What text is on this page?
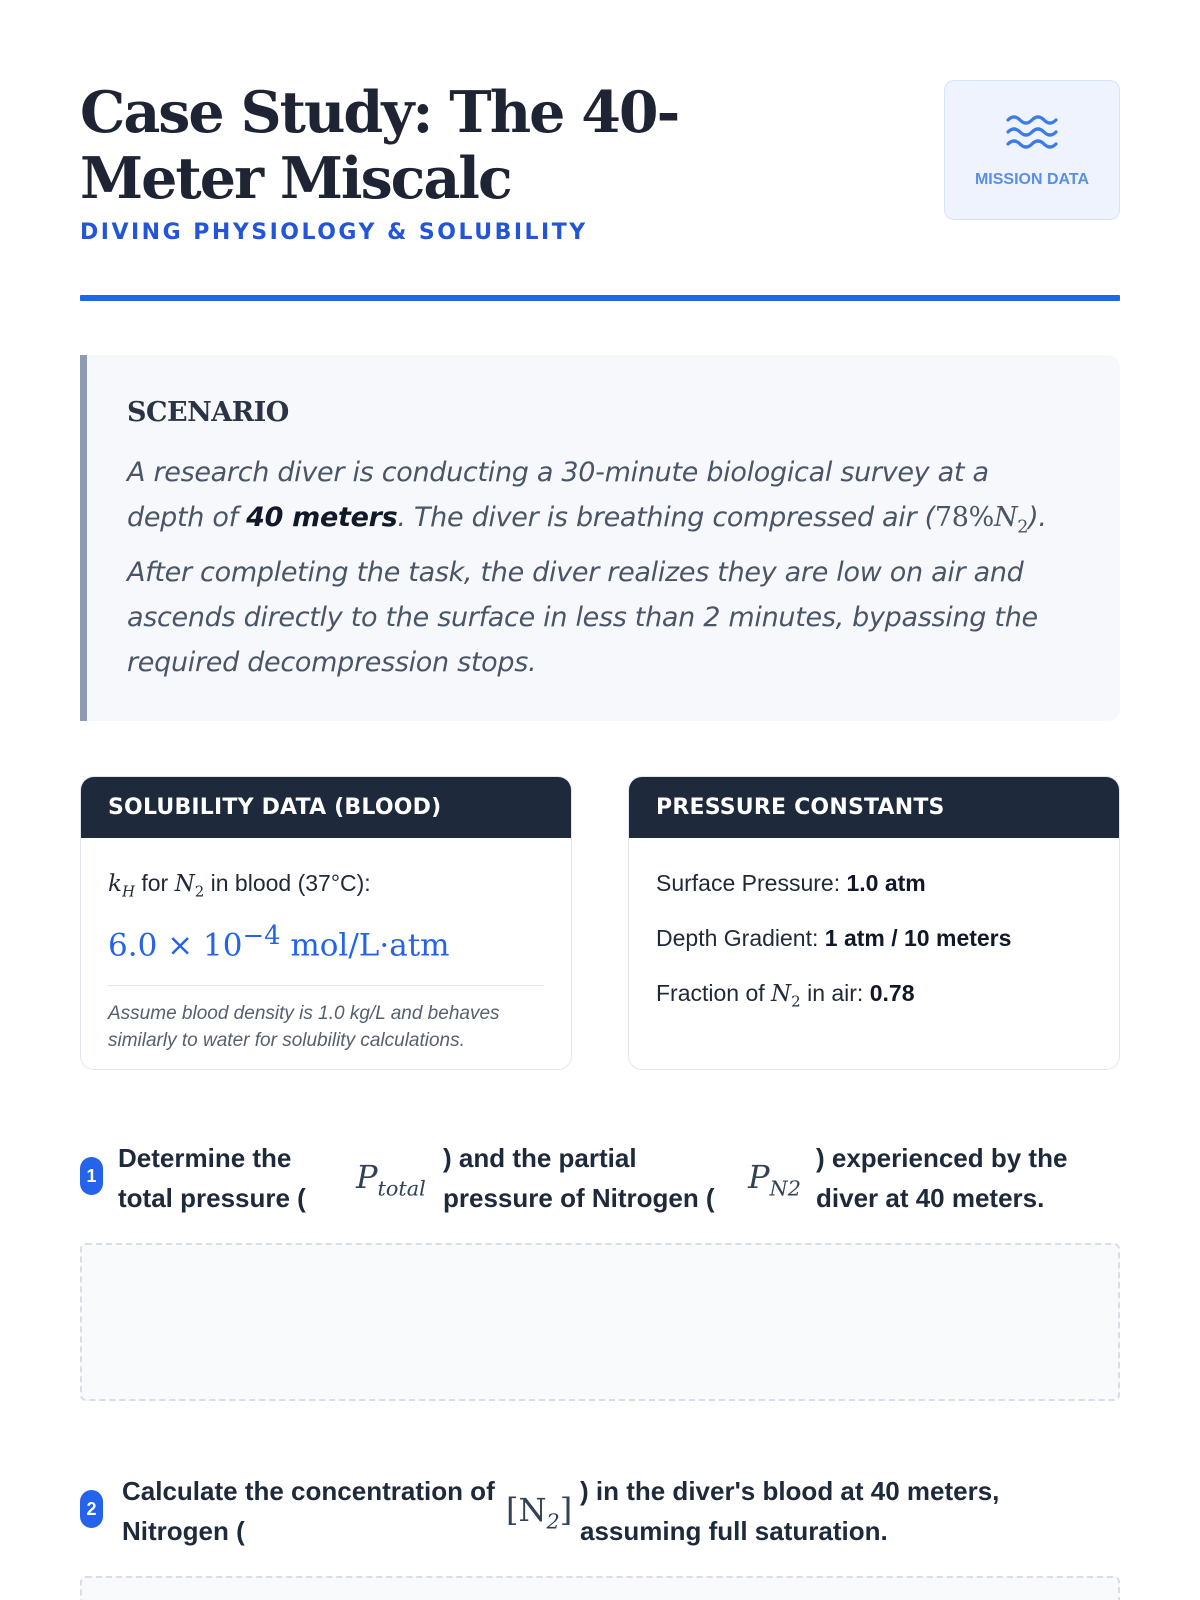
Case Study: The 40-Meter Miscalc
DIVING PHYSIOLOGY & SOLUBILITY
MISSION DATA
SCENARIO

A research diver is conducting a 30-minute biological survey at a depth of 40 meters. The diver is breathing compressed air $(78\%N_2)$. After completing the task, the diver realizes they are low on air and ascends directly to the surface in less than 2 minutes, bypassing the required decompression stops.

SOLUBILITY DATA (BLOOD)
$k_H$ for $N_2$ in blood (37°C):
$6.0 \times 10^{-4}$ mol/L·atm

Assume blood density is 1.0 kg/L and behaves similarly to water for solubility calculations.

PRESSURE CONSTANTS
Surface Pressure: 1.0 atm
Depth Gradient: 1 atm / 10 meters
Fraction of $N_2$ in air: 0.78
1
Determine the total pressure (
$P_{total}$
) and the partial pressure of Nitrogen (
$P_{N2}$
) experienced by the diver at 40 meters.
2
Calculate the concentration of Nitrogen (
$[N_2]$ ) in the diver's blood at 40 meters, assuming full saturation.
